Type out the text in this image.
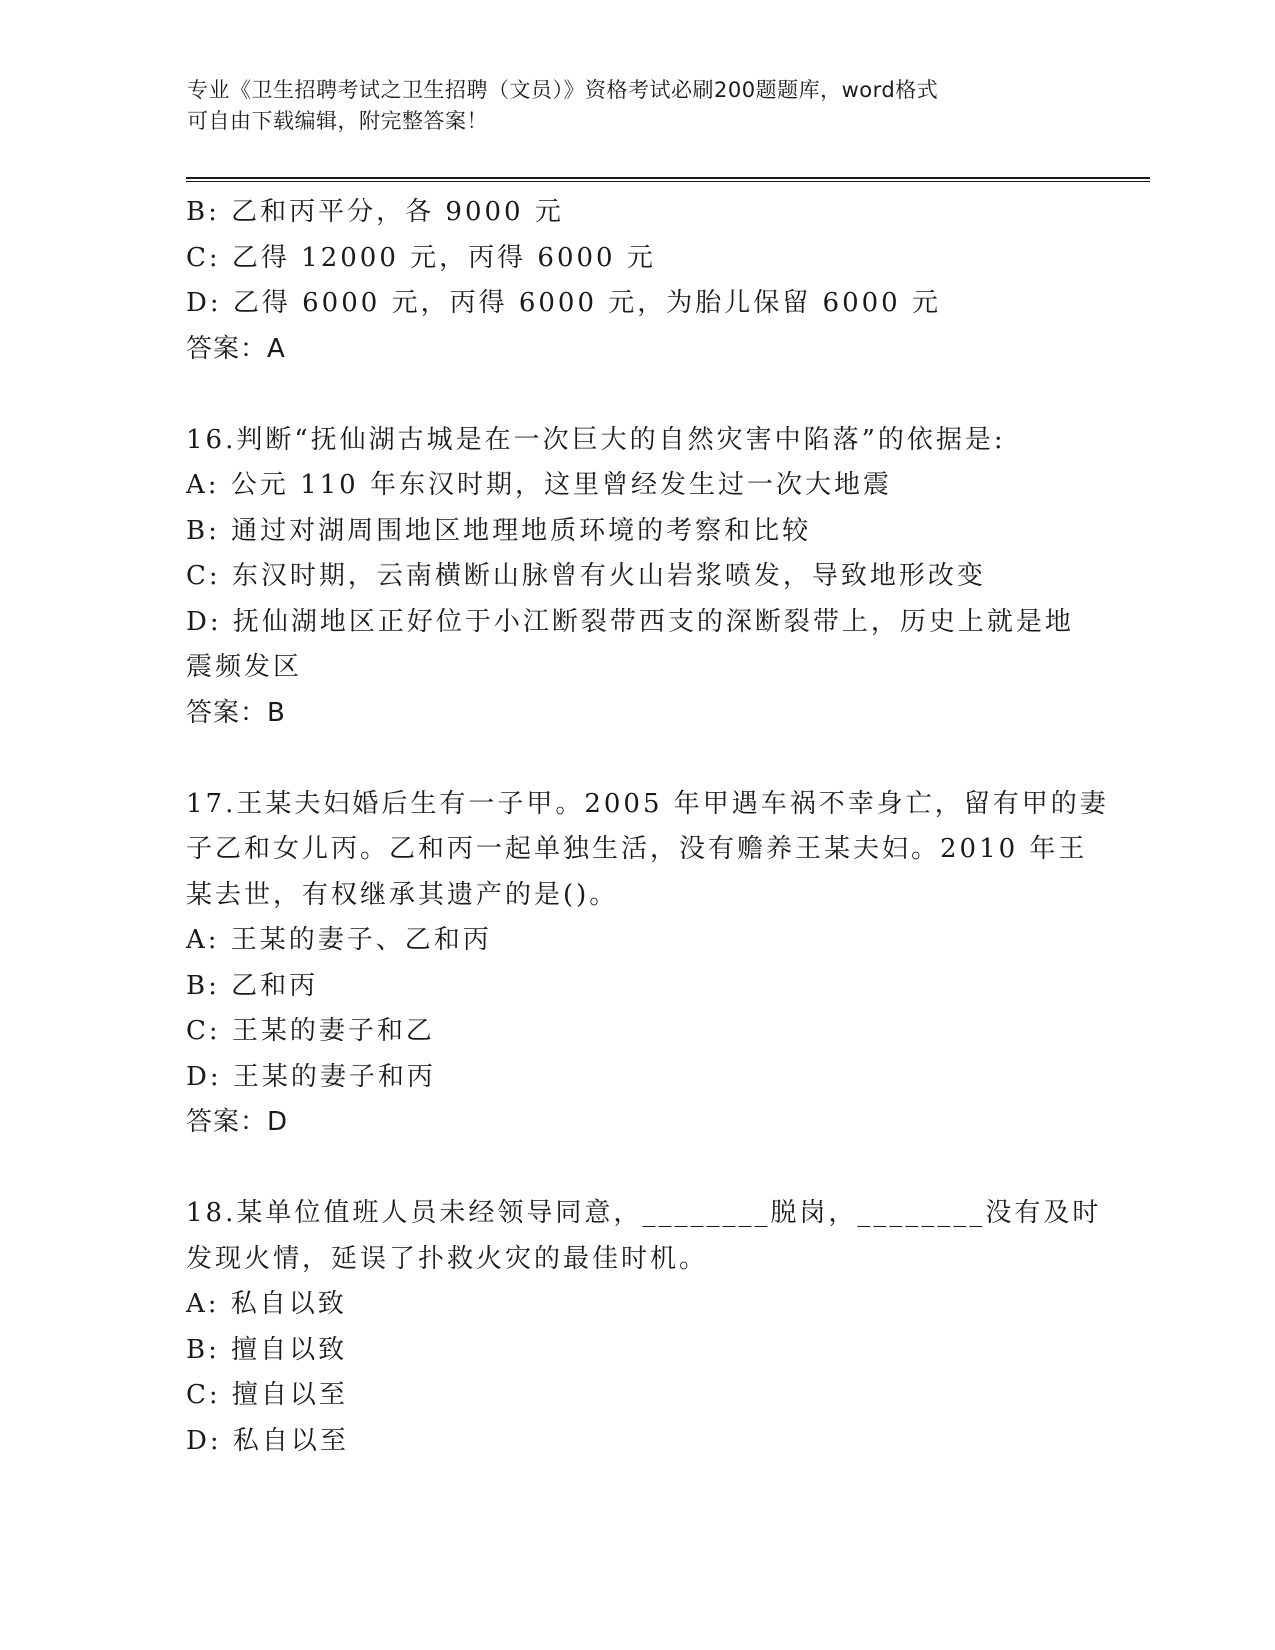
专业《卫生招聘考试之卫生招聘（文员）》资格考试必刷200题题库，word格式
可自由下载编辑，附完整答案！
B: 乙和丙平分，各 9000 元
C: 乙得 12000 元，丙得 6000 元
D: 乙得 6000 元，丙得 6000 元，为胎儿保留 6000 元
答案：A
16.判断“抚仙湖古城是在一次巨大的自然灾害中陷落”的依据是:
A: 公元 110 年东汉时期，这里曾经发生过一次大地震
B: 通过对湖周围地区地理地质环境的考察和比较
C: 东汉时期，云南横断山脉曾有火山岩浆喷发，导致地形改变
D: 抚仙湖地区正好位于小江断裂带西支的深断裂带上，历史上就是地
震频发区
答案：B
17.王某夫妇婚后生有一子甲。2005 年甲遇车祸不幸身亡，留有甲的妻
子乙和女儿丙。乙和丙一起单独生活，没有赡养王某夫妇。2010 年王
某去世，有权继承其遗产的是()。
A: 王某的妻子、乙和丙
B: 乙和丙
C: 王某的妻子和乙
D: 王某的妻子和丙
答案：D
18.某单位值班人员未经领导同意，________脱岗，________没有及时
发现火情，延误了扑救火灾的最佳时机。
A: 私自以致
B: 擅自以致
C: 擅自以至
D: 私自以至
